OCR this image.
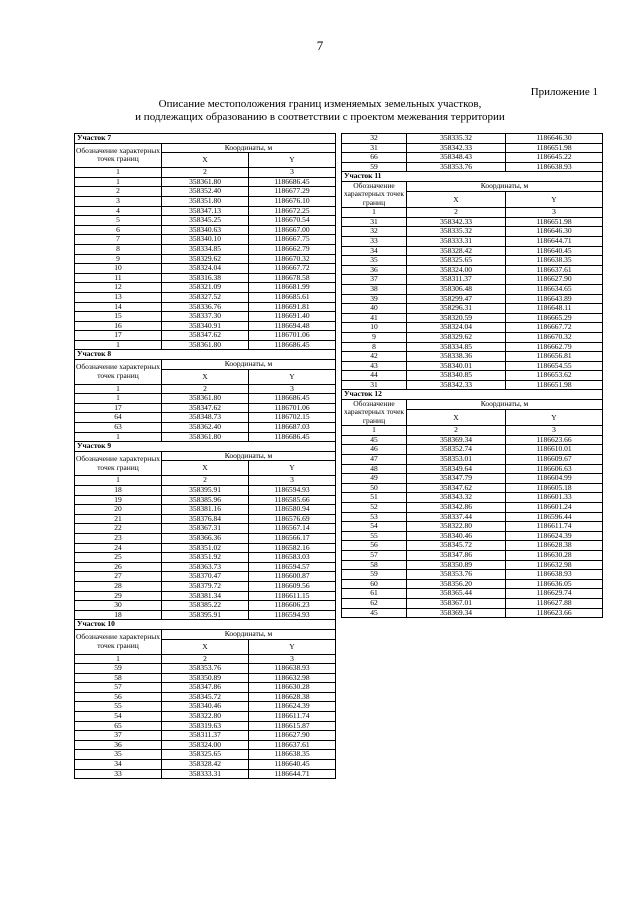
7
Приложение 1
Описание местоположения границ изменяемых земельных участков,
и подлежащих образованию в соответствии с проектом межевания территории
Участок 7		
Обозначение характерных точек границ	Координаты, м	
	X	Y
1	2	3
1	358361.80	1186686.45
2	358352.40	1186677.29
3	358351.80	1186676.10
4	358347.13	1186672.25
5	358345.25	1186670.54
6	358340.63	1186667.00
7	358340.10	1186667.75
8	358334.85	1186662.79
9	358329.62	1186670.32
10	358324.04	1186667.72
11	358316.38	1186678.58
12	358321.09	1186681.99
13	358327.52	1186685.61
14	358336.76	1186691.81
15	358337.30	1186691.40
16	358340.91	1186694.48
17	358347.62	1186701.06
1	358361.80	1186686.45
Участок 8		
Обозначение характерных точек границ	Координаты, м	
	X	Y
1	2	3
1	358361.80	1186686.45
17	358347.62	1186701.06
64	358348.73	1186702.15
63	358362.40	1186687.03
1	358361.80	1186686.45
Участок 9		
Обозначение характерных точек границ	Координаты, м	
	X	Y
1	2	3
18	358395.91	1186594.93
19	358385.96	1186585.66
20	358381.16	1186580.94
21	358376.84	1186576.69
22	358367.31	1186567.14
23	358366.36	1186566.17
24	358351.02	1186582.16
25	358351.92	1186583.03
26	358363.73	1186594.57
27	358370.47	1186600.87
28	358379.72	1186609.56
29	358381.34	1186611.15
30	358385.22	1186606.23
18	358395.91	1186594.93
Участок 10		
Обозначение характерных точек границ	Координаты, м	
	X	Y
1	2	3
59	358353.76	1186638.93
58	358350.89	1186632.98
57	358347.86	1186630.28
56	358345.72	1186628.38
55	358340.46	1186624.39
54	358322.80	1186611.74
65	358319.63	1186615.87
37	358311.37	1186627.90
36	358324.00	1186637.61
35	358325.65	1186638.35
34	358328.42	1186640.45
33	358333.31	1186644.71
32	358335.32	1186646.30
31	358342.33	1186651.98
66	358348.43	1186645.22
59	358353.76	1186638.93
Участок 11		
Обозначение характерных точек границ	Координаты, м	
	X	Y
1	2	3
31	358342.33	1186651.98
32	358335.32	1186646.30
33	358333.31	1186644.71
34	358328.42	1186640.45
35	358325.65	1186638.35
36	358324.00	1186637.61
37	358311.37	1186627.90
38	358306.48	1186634.65
39	358299.47	1186643.89
40	358296.31	1186648.11
41	358320.59	1186665.29
10	358324.04	1186667.72
9	358329.62	1186670.32
8	358334.85	1186662.79
42	358338.36	1186656.81
43	358340.01	1186654.55
44	358340.85	1186653.62
31	358342.33	1186651.98
Участок 12		
Обозначение характерных точек границ	Координаты, м	
	X	Y
1	2	3
45	358369.34	1186623.66
46	358352.74	1186610.01
47	358353.01	1186609.67
48	358349.64	1186606.63
49	358347.79	1186604.99
50	358347.62	1186605.18
51	358343.32	1186601.33
52	358342.86	1186601.24
53	358337.44	1186596.44
54	358322.80	1186611.74
55	358340.46	1186624.39
56	358345.72	1186628.38
57	358347.86	1186630.28
58	358350.89	1186632.98
59	358353.76	1186638.93
60	358356.20	1186636.05
61	358365.44	1186629.74
62	358367.01	1186627.88
45	358369.34	1186623.66
